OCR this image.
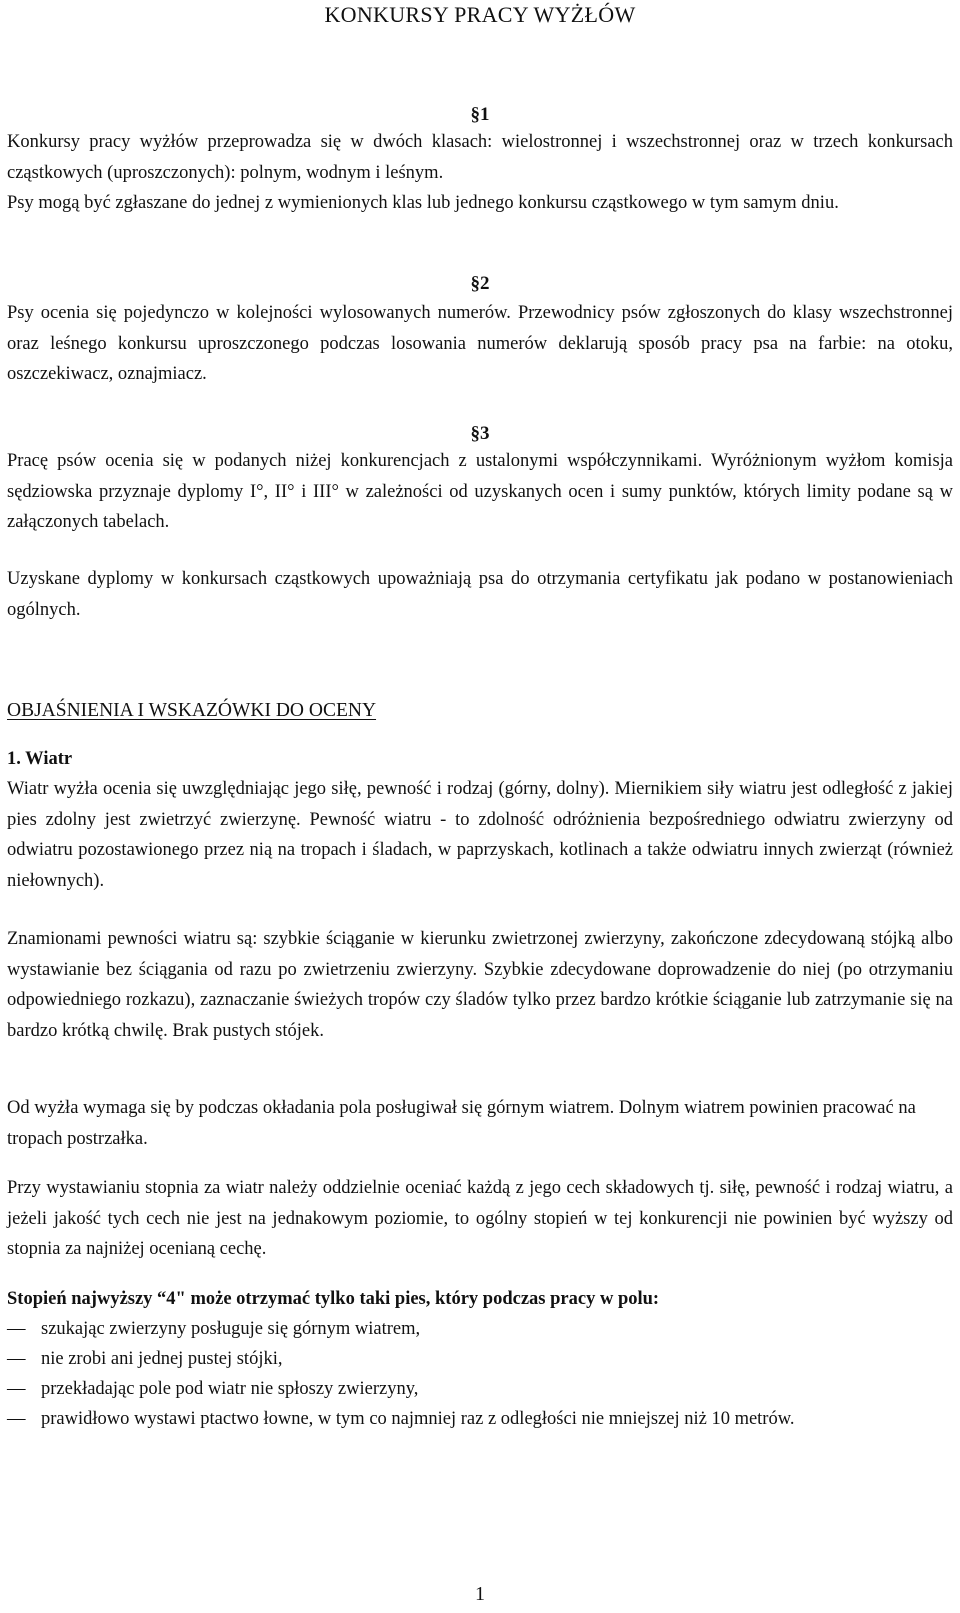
KONKURSY PRACY WYŻŁÓW
§1

Konkursy pracy wyżłów przeprowadza się w dwóch klasach: wielostronnej i wszechstronnej oraz w trzech konkursach cząstkowych (uproszczonych): polnym, wodnym i leśnym.

Psy mogą być zgłaszane do jednej z wymienionych klas lub jednego konkursu cząstkowego w tym samym dniu.

§2

Psy ocenia się pojedynczo w kolejności wylosowanych numerów. Przewodnicy psów zgłoszonych do klasy wszechstronnej oraz leśnego konkursu uproszczonego podczas losowania numerów deklarują sposób pracy psa na farbie: na otoku, oszczekiwacz, oznajmiacz.

§3

Pracę psów ocenia się w podanych niżej konkurencjach z ustalonymi współczynnikami. Wyróżnionym wyżłom komisja sędziowska przyznaje dyplomy I°, II° i III° w zależności od uzyskanych ocen i sumy punktów, których limity podane są w załączonych tabelach.

Uzyskane dyplomy w konkursach cząstkowych upoważniają psa do otrzymania certyfikatu jak podano w postanowieniach ogólnych.

OBJAŚNIENIA I WSKAZÓWKI DO OCENY
1. Wiatr

Wiatr wyżła ocenia się uwzględniając jego siłę, pewność i rodzaj (górny, dolny). Miernikiem siły wiatru jest odległość z jakiej pies zdolny jest zwietrzyć zwierzynę. Pewność wiatru - to zdolność odróżnienia bezpośredniego odwiatru zwierzyny od odwiatru pozostawionego przez nią na tropach i śladach, w paprzyskach, kotlinach a także odwiatru innych zwierząt (również niełownych).

Znamionami pewności wiatru są: szybkie ściąganie w kierunku zwietrzonej zwierzyny, zakończone zdecydowaną stójką albo wystawianie bez ściągania od razu po zwietrzeniu zwierzyny. Szybkie zdecydowane doprowadzenie do niej (po otrzymaniu odpowiedniego rozkazu), zaznaczanie świeżych tropów czy śladów tylko przez bardzo krótkie ściąganie lub zatrzymanie się na bardzo krótką chwilę. Brak pustych stójek.

Od wyżła wymaga się by podczas okładania pola posługiwał się górnym wiatrem. Dolnym wiatrem powinien pracować na tropach postrzałka.

Przy wystawianiu stopnia za wiatr należy oddzielnie oceniać każdą z jego cech składowych tj. siłę, pewność i rodzaj wiatru, a jeżeli jakość tych cech nie jest na jednakowym poziomie, to ogólny stopień w tej konkurencji nie powinien być wyższy od stopnia za najniżej ocenianą cechę.

Stopień najwyższy “4" może otrzymać tylko taki pies, który podczas pracy w polu:

— szukając zwierzyny posługuje się górnym wiatrem,
— nie zrobi ani jednej pustej stójki,
— przekładając pole pod wiatr nie spłoszy zwierzyny,
— prawidłowo wystawi ptactwo łowne, w tym co najmniej raz z odległości nie mniejszej niż 10 metrów.
1
